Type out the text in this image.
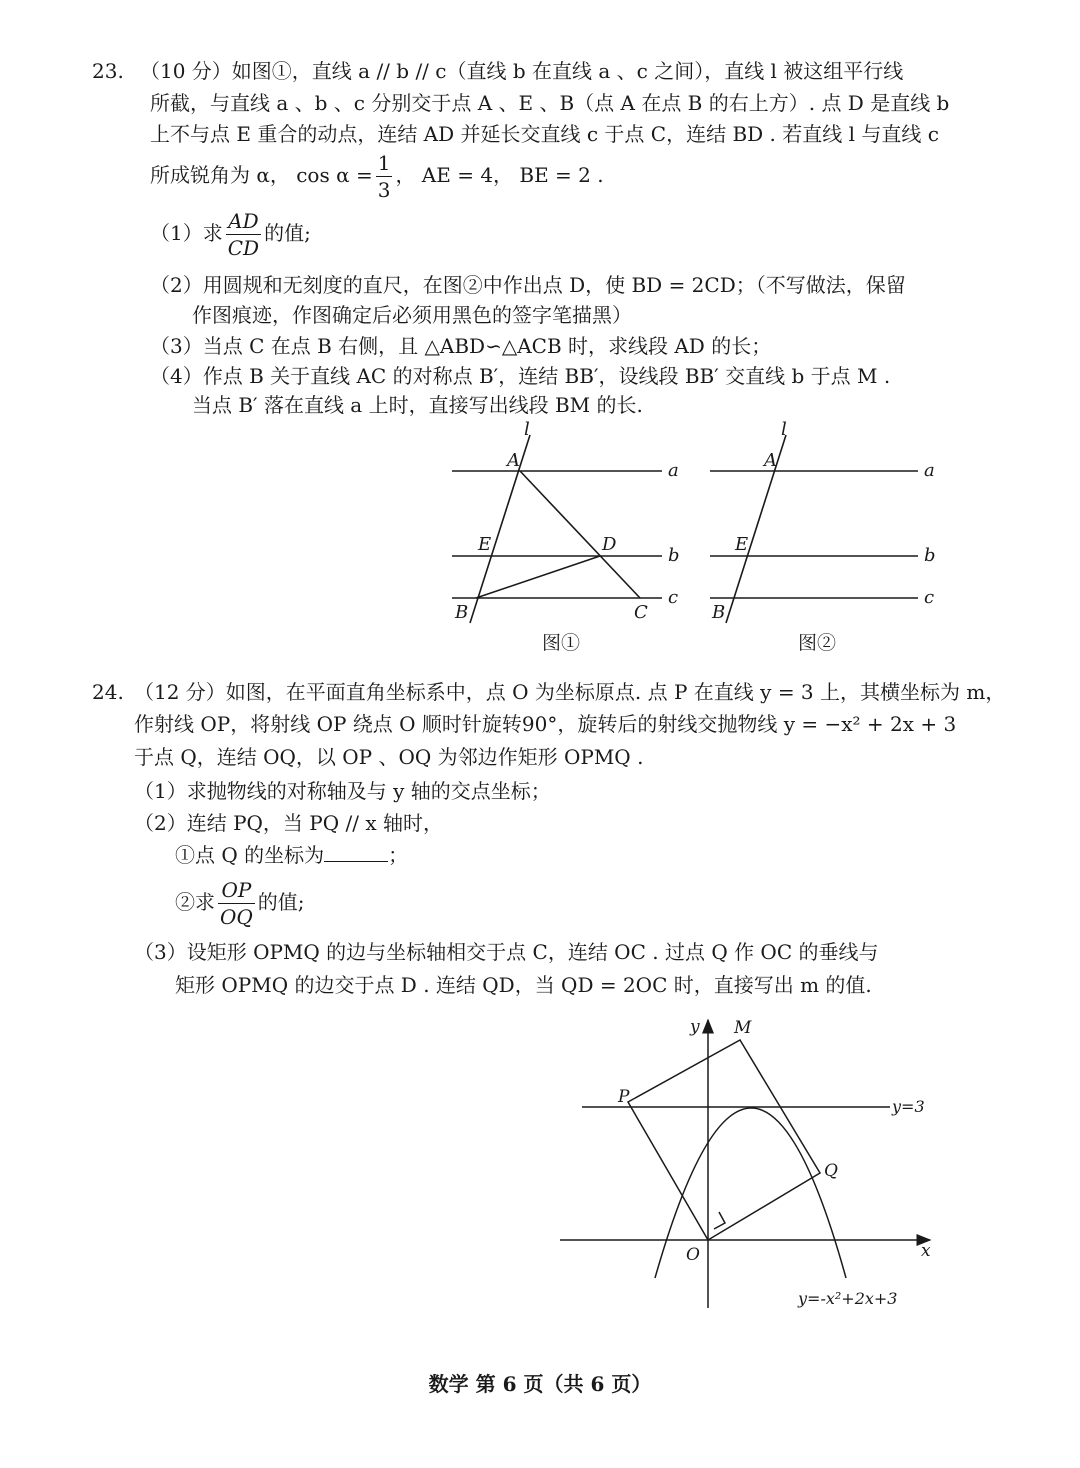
23. （10 分）如图①，直线 a // b // c（直线 b 在直线 a 、c 之间），直线 l 被这组平行线
所截，与直线 a 、b 、c 分别交于点 A 、E 、B（点 A 在点 B 的右上方）. 点 D 是直线 b
上不与点 E 重合的动点，连结 AD 并延长交直线 c 于点 C，连结 BD . 若直线 l 与直线 c
所成锐角为 α， $\cos \alpha = \frac{1}{3}$ ， AE = 4， BE = 2 .
（1）求 $\frac{AD}{CD}$ 的值;
（2）用圆规和无刻度的直尺，在图②中作出点 D，使 BD = 2CD；（不写做法，保留
作图痕迹，作图确定后必须用黑色的签字笔描黑）
（3）当点 C 在点 B 右侧，且 △ABD∽△ACB 时，求线段 AD 的长；
（4）作点 B 关于直线 AC 的对称点 B′，连结 BB′，设线段 BB′ 交直线 b 于点 M .
当点 B′ 落在直线 a 上时，直接写出线段 BM 的长.
l
A	a
E	D
b
B	C
c
图①
l
A	a
E
b
B
c
图②
24. （12 分）如图，在平面直角坐标系中，点 O 为坐标原点. 点 P 在直线 y = 3 上，其横坐标为 m，
作射线 OP，将射线 OP 绕点 O 顺时针旋转90°，旋转后的射线交抛物线 y = −x² + 2x + 3
于点 Q，连结 OQ，以 OP 、OQ 为邻边作矩形 OPMQ .
（1）求抛物线的对称轴及与 y 轴的交点坐标；
（2）连结 PQ，当 PQ // x 轴时，
①点 Q 的坐标为	；
②求 $\frac{OP}{OQ}$ 的值;
（3）设矩形 OPMQ 的边与坐标轴相交于点 C，连结 OC . 过点 Q 作 OC 的垂线与
矩形 OPMQ 的边交于点 D . 连结 QD，当 QD = 2OC 时，直接写出 m 的值.
y M
P	y=3
Q
O	x
y=-x²+2x+3
数学 第 6 页（共 6 页）
